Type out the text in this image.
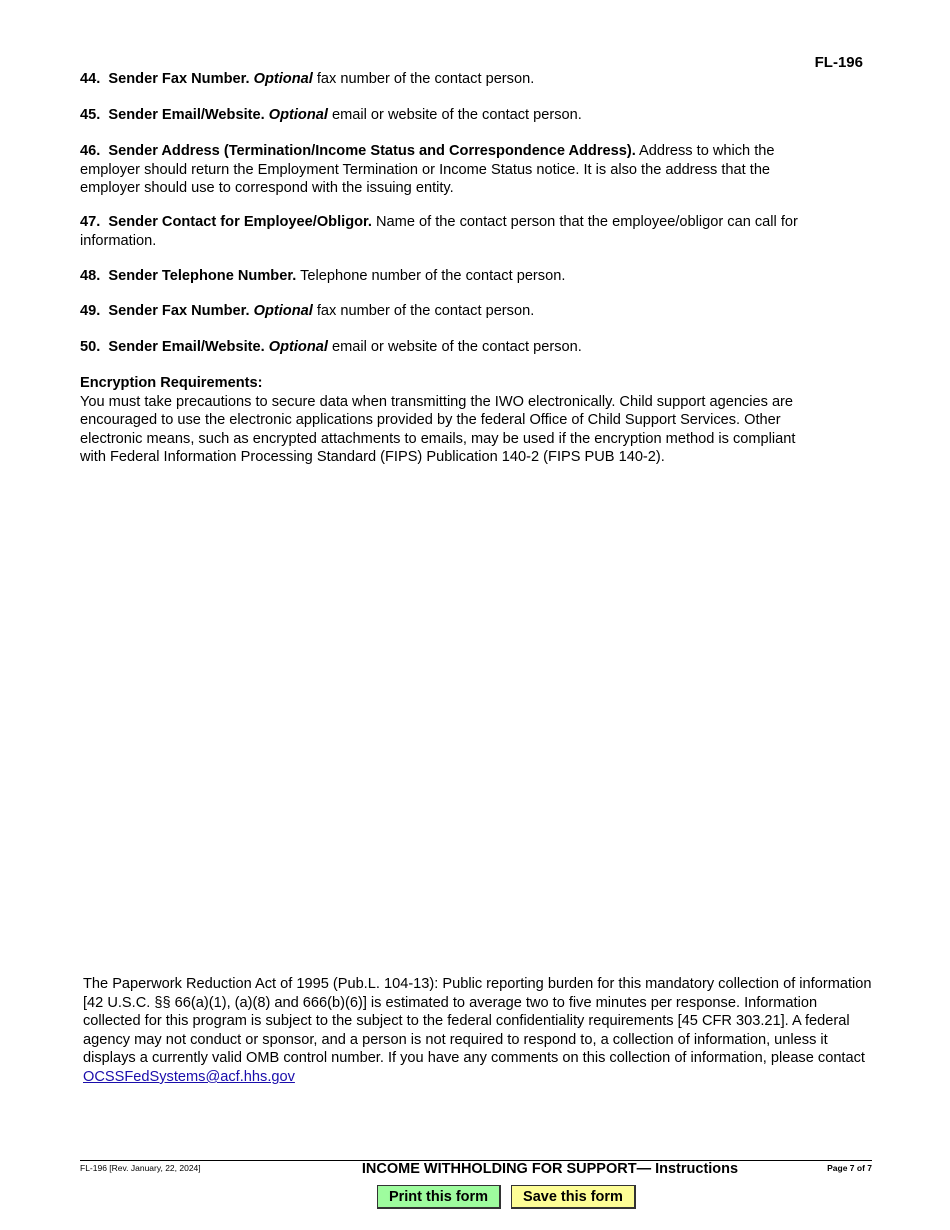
FL-196

44. Sender Fax Number. Optional fax number of the contact person.

45. Sender Email/Website. Optional email or website of the contact person.

46. Sender Address (Termination/Income Status and Correspondence Address). Address to which the employer should return the Employment Termination or Income Status notice. It is also the address that the employer should use to correspond with the issuing entity.

47. Sender Contact for Employee/Obligor. Name of the contact person that the employee/obligor can call for information.

48. Sender Telephone Number. Telephone number of the contact person.

49. Sender Fax Number. Optional fax number of the contact person.

50. Sender Email/Website. Optional email or website of the contact person.

Encryption Requirements:
You must take precautions to secure data when transmitting the IWO electronically. Child support agencies are encouraged to use the electronic applications provided by the federal Office of Child Support Services. Other electronic means, such as encrypted attachments to emails, may be used if the encryption method is compliant with Federal Information Processing Standard (FIPS) Publication 140-2 (FIPS PUB 140-2).
The Paperwork Reduction Act of 1995 (Pub.L. 104-13): Public reporting burden for this mandatory collection of information [42 U.S.C. §§ 66(a)(1), (a)(8) and 666(b)(6)] is estimated to average two to five minutes per response. Information collected for this program is subject to the subject to the federal confidentiality requirements [45 CFR 303.21]. A federal agency may not conduct or sponsor, and a person is not required to respond to, a collection of information, unless it displays a currently valid OMB control number. If you have any comments on this collection of information, please contact OCSSFedSystems@acf.hhs.gov
FL-196 [Rev. January, 22, 2024]	INCOME WITHHOLDING FOR SUPPORT— Instructions	Page 7 of 7
Print this form	Save this form
